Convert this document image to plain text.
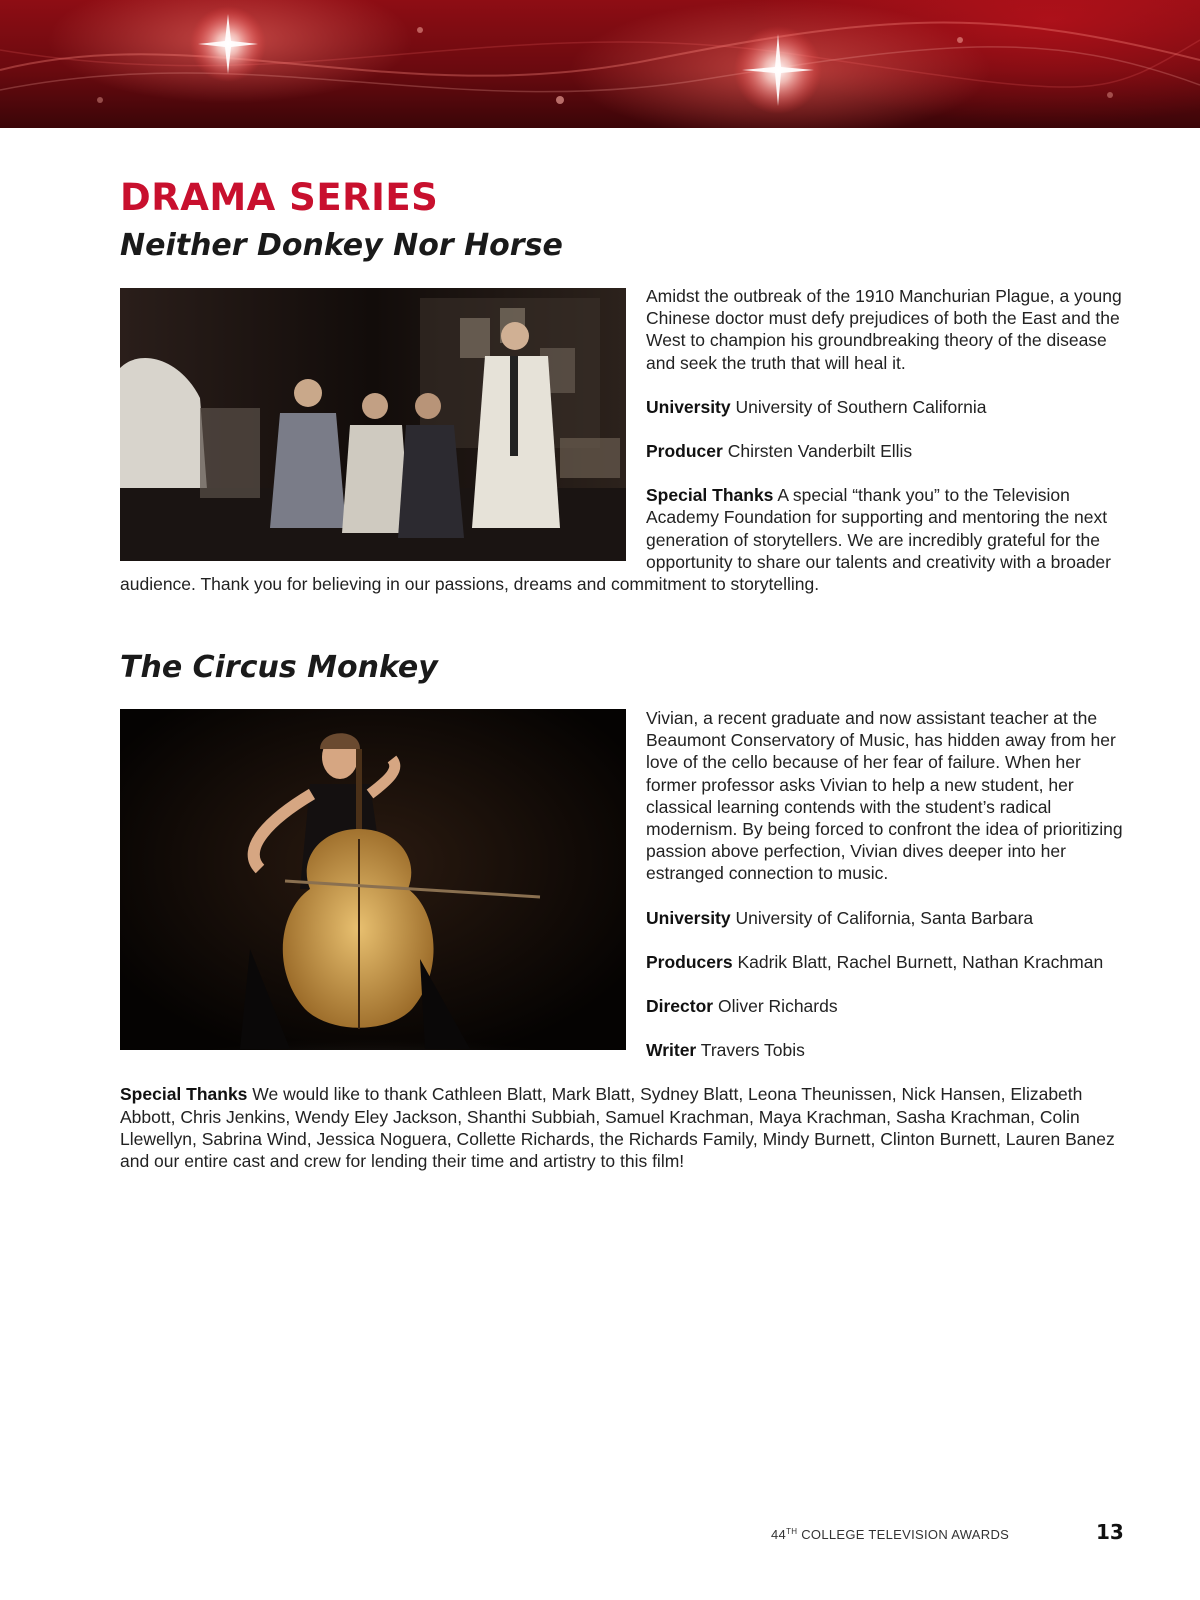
DRAMA SERIES
Neither Donkey Nor Horse

Amidst the outbreak of the 1910 Manchurian Plague, a young Chinese doctor must defy prejudices of both the East and the West to champion his groundbreaking theory of the disease and seek the truth that will heal it.

University University of Southern California

Producer Chirsten Vanderbilt Ellis

Special Thanks A special “thank you” to the Television Academy Foundation for supporting and mentoring the next generation of storytellers. We are incredibly grateful for the opportunity to share our talents and creativity with a broader audience. Thank you for believing in our passions, dreams and commitment to storytelling.

The Circus Monkey

Vivian, a recent graduate and now assistant teacher at the Beaumont Conservatory of Music, has hidden away from her love of the cello because of her fear of failure. When her former professor asks Vivian to help a new student, her classical learning contends with the student’s radical modernism. By being forced to confront the idea of prioritizing passion above perfection, Vivian dives deeper into her estranged connection to music.

University University of California, Santa Barbara

Producers Kadrik Blatt, Rachel Burnett, Nathan Krachman

Director Oliver Richards

Writer Travers Tobis

Special Thanks We would like to thank Cathleen Blatt, Mark Blatt, Sydney Blatt, Leona Theunissen, Nick Hansen, Elizabeth Abbott, Chris Jenkins, Wendy Eley Jackson, Shanthi Subbiah, Samuel Krachman, Maya Krachman, Sasha Krachman, Colin Llewellyn, Sabrina Wind, Jessica Noguera, Collette Richards, the Richards Family, Mindy Burnett, Clinton Burnett, Lauren Banez and our entire cast and crew for lending their time and artistry to this film!

44TH COLLEGE TELEVISION AWARDS	13
